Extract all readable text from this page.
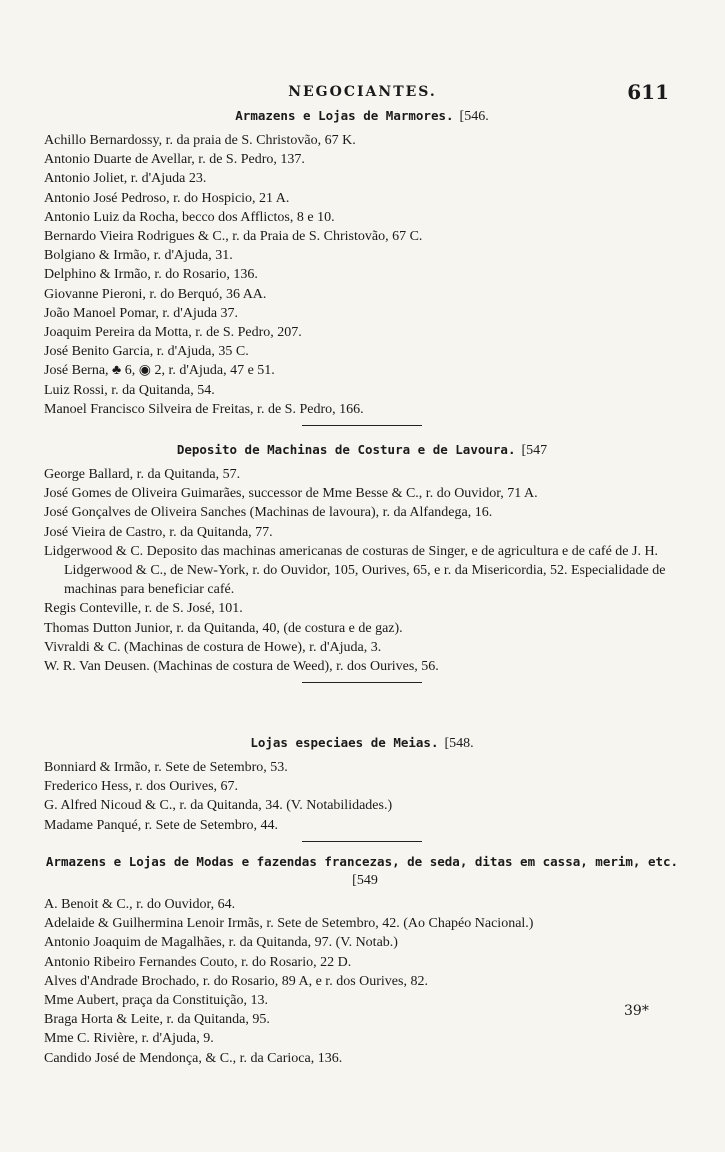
NEGOCIANTES.	611
Armazens e Lojas de Marmores. [546.
Achillo Bernardossy, r. da praia de S. Christovão, 67 K.
Antonio Duarte de Avellar, r. de S. Pedro, 137.
Antonio Joliet, r. d'Ajuda 23.
Antonio José Pedroso, r. do Hospicio, 21 A.
Antonio Luiz da Rocha, becco dos Afflictos, 8 e 10.
Bernardo Vieira Rodrigues & C., r. da Praia de S. Christovão, 67 C.
Bolgiano & Irmão, r. d'Ajuda, 31.
Delphino & Irmão, r. do Rosario, 136.
Giovanne Pieroni, r. do Berquó, 36 AA.
João Manoel Pomar, r. d'Ajuda 37.
Joaquim Pereira da Motta, r. de S. Pedro, 207.
José Benito Garcia, r. d'Ajuda, 35 C.
José Berna, ♣ 6, ◉ 2, r. d'Ajuda, 47 e 51.
Luiz Rossi, r. da Quitanda, 54.
Manoel Francisco Silveira de Freitas, r. de S. Pedro, 166.
Deposito de Machinas de Costura e de Lavoura. [547
George Ballard, r. da Quitanda, 57.
José Gomes de Oliveira Guimarães, successor de Mme Besse & C., r. do Ouvidor, 71 A.
José Gonçalves de Oliveira Sanches (Machinas de lavoura), r. da Alfandega, 16.
José Vieira de Castro, r. da Quitanda, 77.
Lidgerwood & C. Deposito das machinas americanas de costuras de Singer, e de agricultura e de café de J. H. Lidgerwood & C., de New-York, r. do Ouvidor, 105, Ourives, 65, e r. da Misericordia, 52. Especialidade de machinas para beneficiar café.
Regis Conteville, r. de S. José, 101.
Thomas Dutton Junior, r. da Quitanda, 40, (de costura e de gaz).
Vivraldi & C. (Machinas de costura de Howe), r. d'Ajuda, 3.
W. R. Van Deusen. (Machinas de costura de Weed), r. dos Ourives, 56.
Lojas especiaes de Meias. [548.
Bonniard & Irmão, r. Sete de Setembro, 53.
Frederico Hess, r. dos Ourives, 67.
G. Alfred Nicoud & C., r. da Quitanda, 34. (V. Notabilidades.)
Madame Panqué, r. Sete de Setembro, 44.
Armazens e Lojas de Modas e fazendas francezas, de seda, ditas em cassa, merim, etc.[549
A. Benoit & C., r. do Ouvidor, 64.
Adelaide & Guilhermina Lenoir Irmãs, r. Sete de Setembro, 42. (Ao Chapéo Nacional.)
Antonio Joaquim de Magalhães, r. da Quitanda, 97. (V. Notab.)
Antonio Ribeiro Fernandes Couto, r. do Rosario, 22 D.
Alves d'Andrade Brochado, r. do Rosario, 89 A, e r. dos Ourives, 82.
Mme Aubert, praça da Constituição, 13.
Braga Horta & Leite, r. da Quitanda, 95.
Mme C. Rivière, r. d'Ajuda, 9.
Candido José de Mendonça, & C., r. da Carioca, 136.
39*
